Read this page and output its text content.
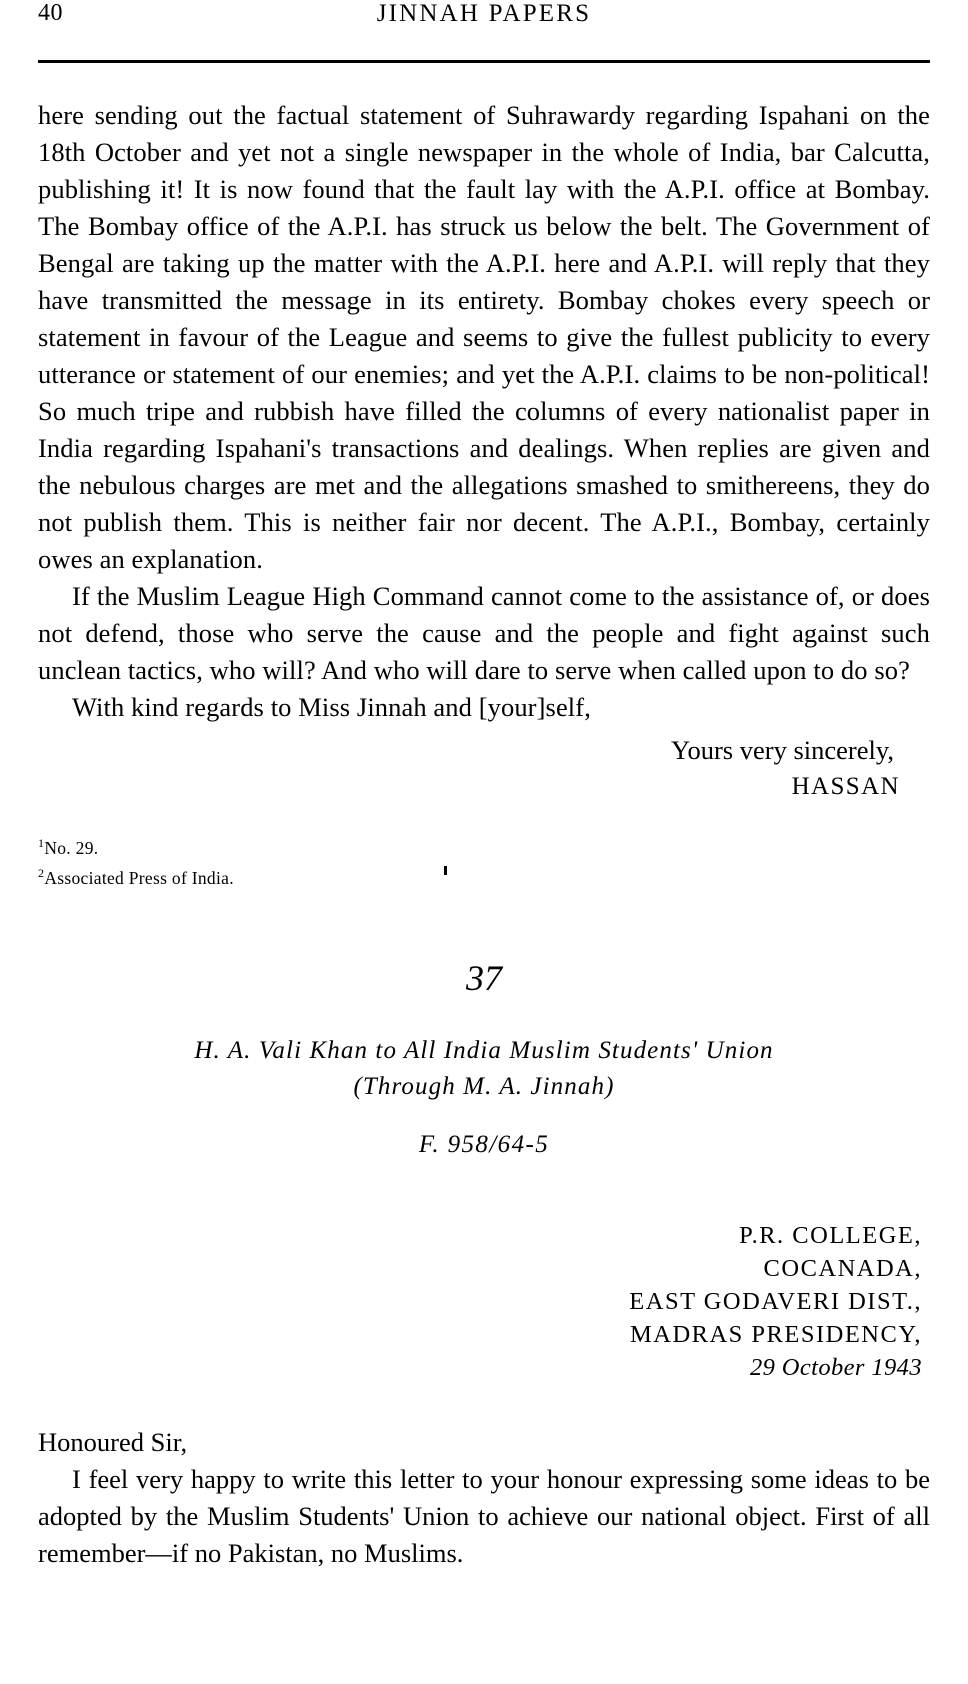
40	JINNAH PAPERS

here sending out the factual statement of Suhrawardy regarding Ispahani on the 18th October and yet not a single newspaper in the whole of India, bar Calcutta, publishing it! It is now found that the fault lay with the A.P.I. office at Bombay. The Bombay office of the A.P.I. has struck us below the belt. The Government of Bengal are taking up the matter with the A.P.I. here and A.P.I. will reply that they have transmitted the message in its entirety. Bombay chokes every speech or statement in favour of the League and seems to give the fullest publicity to every utterance or statement of our enemies; and yet the A.P.I. claims to be non-political! So much tripe and rubbish have filled the columns of every nationalist paper in India regarding Ispahani's transactions and dealings. When replies are given and the nebulous charges are met and the allegations smashed to smithereens, they do not publish them. This is neither fair nor decent. The A.P.I., Bombay, certainly owes an explanation.

If the Muslim League High Command cannot come to the assistance of, or does not defend, those who serve the cause and the people and fight against such unclean tactics, who will? And who will dare to serve when called upon to do so?

With kind regards to Miss Jinnah and [your]self,

Yours very sincerely,
HASSAN
$^1$No. 29.
$^2$Associated Press of India.
37
H. A. Vali Khan to All India Muslim Students' Union
(Through M. A. Jinnah)
F. 958/64-5
P.R. COLLEGE,
COCANADA,
EAST GODAVERI DIST.,
MADRAS PRESIDENCY,
29 October 1943
Honoured Sir,

I feel very happy to write this letter to your honour expressing some ideas to be adopted by the Muslim Students' Union to achieve our national object. First of all remember—if no Pakistan, no Muslims.
